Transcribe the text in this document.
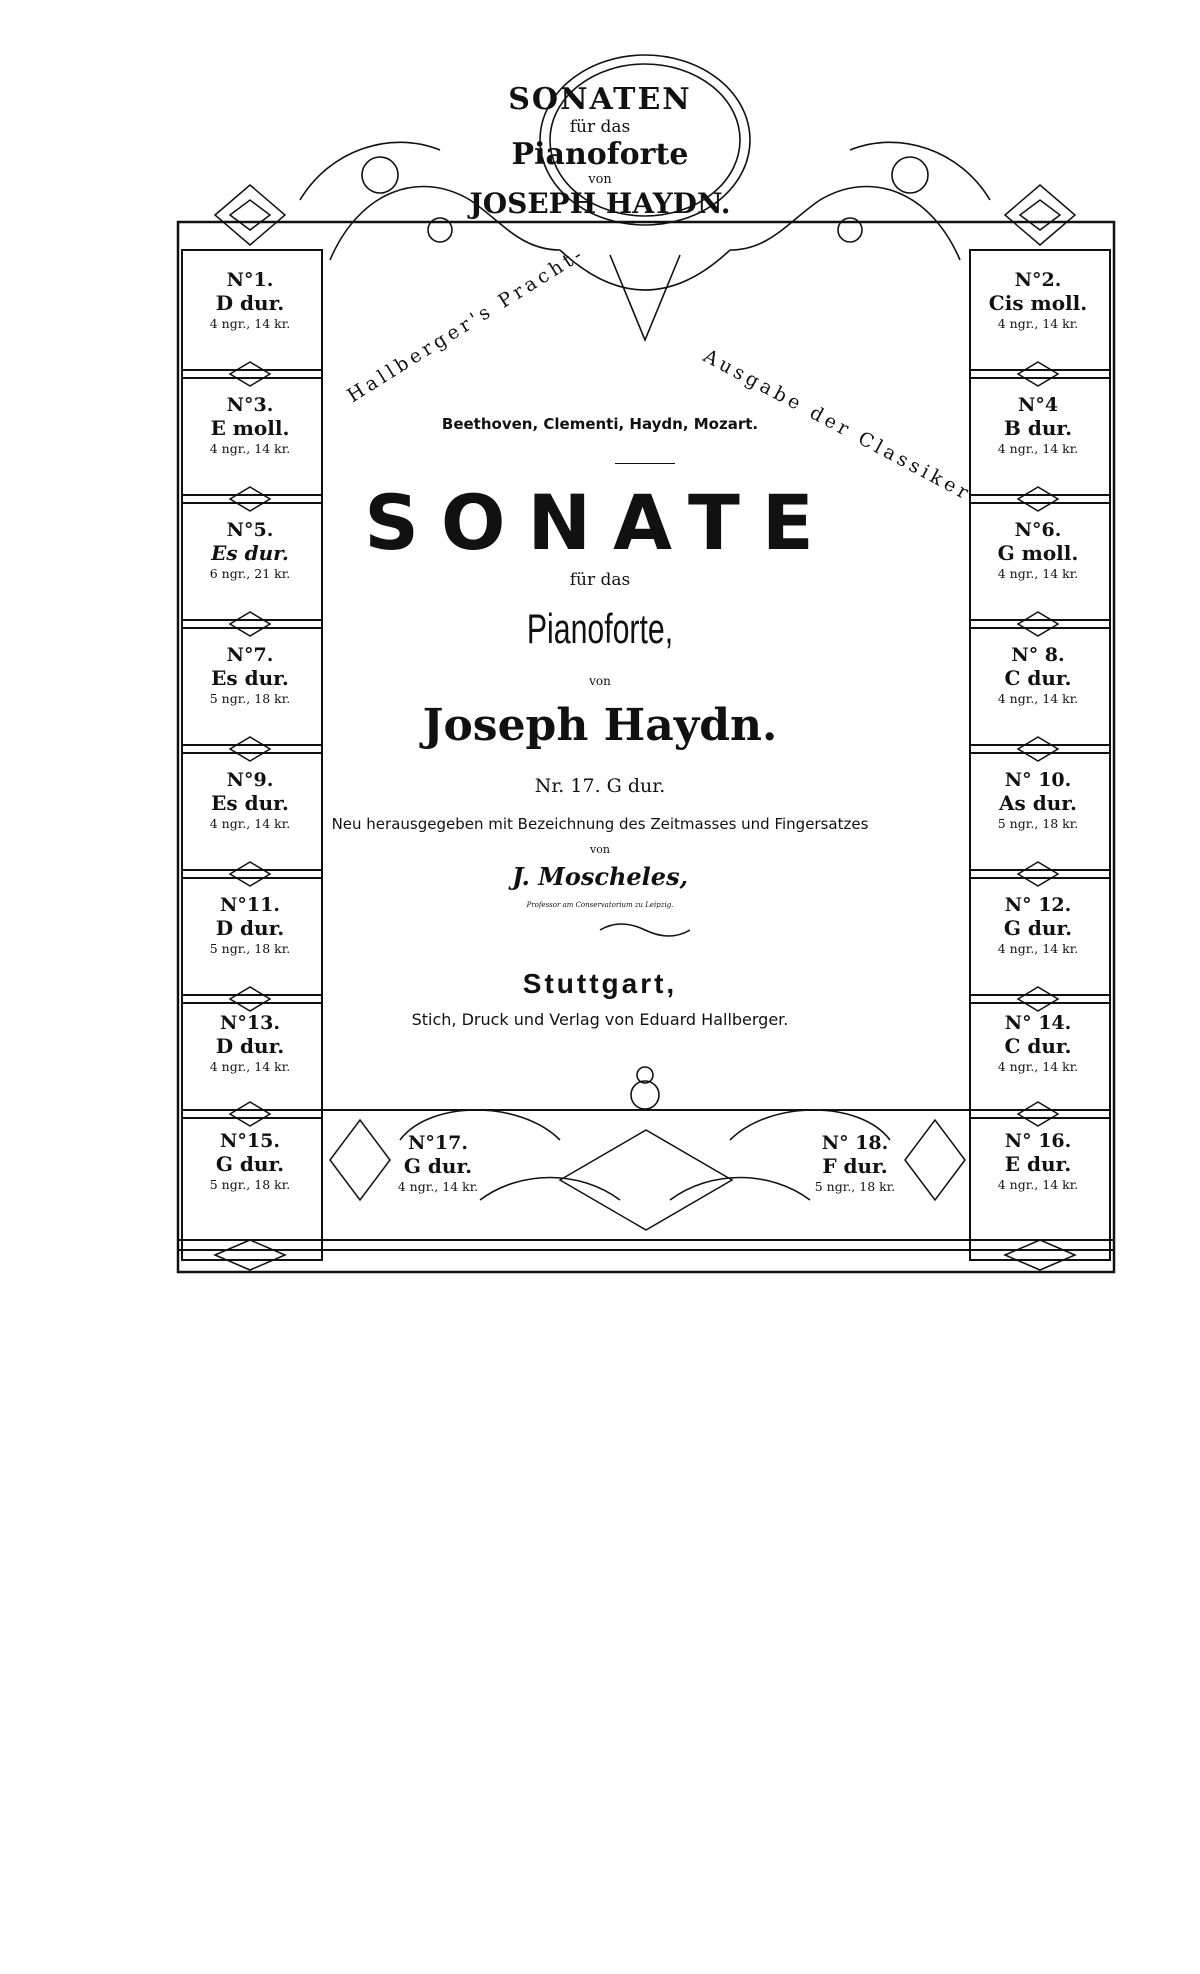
SONATEN
für das
Pianoforte
von
JOSEPH HAYDN.
Hallberger's Pracht-
Ausgabe der Classiker
Beethoven, Clementi, Haydn, Mozart.
SONATE
für das
Pianoforte,
von
Joseph Haydn.
Nr. 17. G dur.
Neu herausgegeben mit Bezeichnung des Zeitmasses und Fingersatzes
von
J. Moscheles,
Professor am Conservatorium zu Leipzig.
Stuttgart,
Stich, Druck und Verlag von Eduard Hallberger.
N°1.
D dur.
4 ngr., 14 kr.
N°3.
E moll.
4 ngr., 14 kr.
N°5.
Es dur.
6 ngr., 21 kr.
N°7.
Es dur.
5 ngr., 18 kr.
N°9.
Es dur.
4 ngr., 14 kr.
N°11.
D dur.
5 ngr., 18 kr.
N°13.
D dur.
4 ngr., 14 kr.
N°15.
G dur.
5 ngr., 18 kr.
N°2.
Cis moll.
4 ngr., 14 kr.
N°4
B dur.
4 ngr., 14 kr.
N°6.
G moll.
4 ngr., 14 kr.
N° 8.
C dur.
4 ngr., 14 kr.
N° 10.
As dur.
5 ngr., 18 kr.
N° 12.
G dur.
4 ngr., 14 kr.
N° 14.
C dur.
4 ngr., 14 kr.
N° 16.
E dur.
4 ngr., 14 kr.
N°17.
G dur.
4 ngr., 14 kr.
N° 18.
F dur.
5 ngr., 18 kr.
